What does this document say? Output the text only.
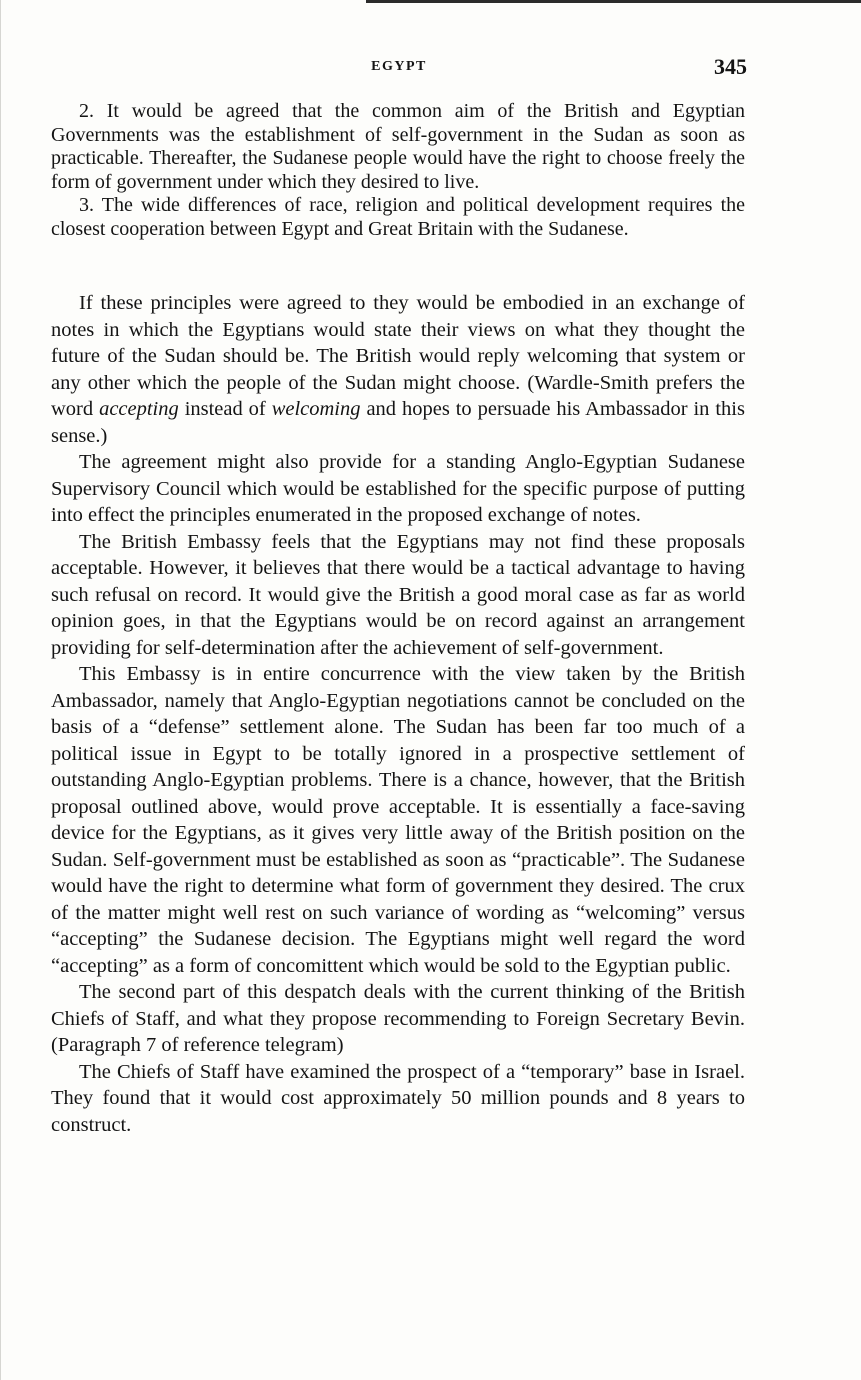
EGYPT	345

2. It would be agreed that the common aim of the British and Egyptian Governments was the establishment of self-government in the Sudan as soon as practicable. Thereafter, the Sudanese people would have the right to choose freely the form of government under which they desired to live.

3. The wide differences of race, religion and political development requires the closest cooperation between Egypt and Great Britain with the Sudanese.

If these principles were agreed to they would be embodied in an exchange of notes in which the Egyptians would state their views on what they thought the future of the Sudan should be. The British would reply welcoming that system or any other which the people of the Sudan might choose. (Wardle-Smith prefers the word accepting instead of welcoming and hopes to persuade his Ambassador in this sense.)

The agreement might also provide for a standing Anglo-Egyptian Sudanese Supervisory Council which would be established for the specific purpose of putting into effect the principles enumerated in the proposed exchange of notes.

The British Embassy feels that the Egyptians may not find these proposals acceptable. However, it believes that there would be a tactical advantage to having such refusal on record. It would give the British a good moral case as far as world opinion goes, in that the Egyptians would be on record against an arrangement providing for self-determination after the achievement of self-government.

This Embassy is in entire concurrence with the view taken by the British Ambassador, namely that Anglo-Egyptian negotiations cannot be concluded on the basis of a “defense” settlement alone. The Sudan has been far too much of a political issue in Egypt to be totally ignored in a prospective settlement of outstanding Anglo-Egyptian problems. There is a chance, however, that the British proposal outlined above, would prove acceptable. It is essentially a face-saving device for the Egyptians, as it gives very little away of the British position on the Sudan. Self-government must be established as soon as “practicable”. The Sudanese would have the right to determine what form of government they desired. The crux of the matter might well rest on such variance of wording as “welcoming” versus “accepting” the Sudanese decision. The Egyptians might well regard the word “accepting” as a form of concomittent which would be sold to the Egyptian public.

The second part of this despatch deals with the current thinking of the British Chiefs of Staff, and what they propose recommending to Foreign Secretary Bevin. (Paragraph 7 of reference telegram)

The Chiefs of Staff have examined the prospect of a “temporary” base in Israel. They found that it would cost approximately 50 million pounds and 8 years to construct.
